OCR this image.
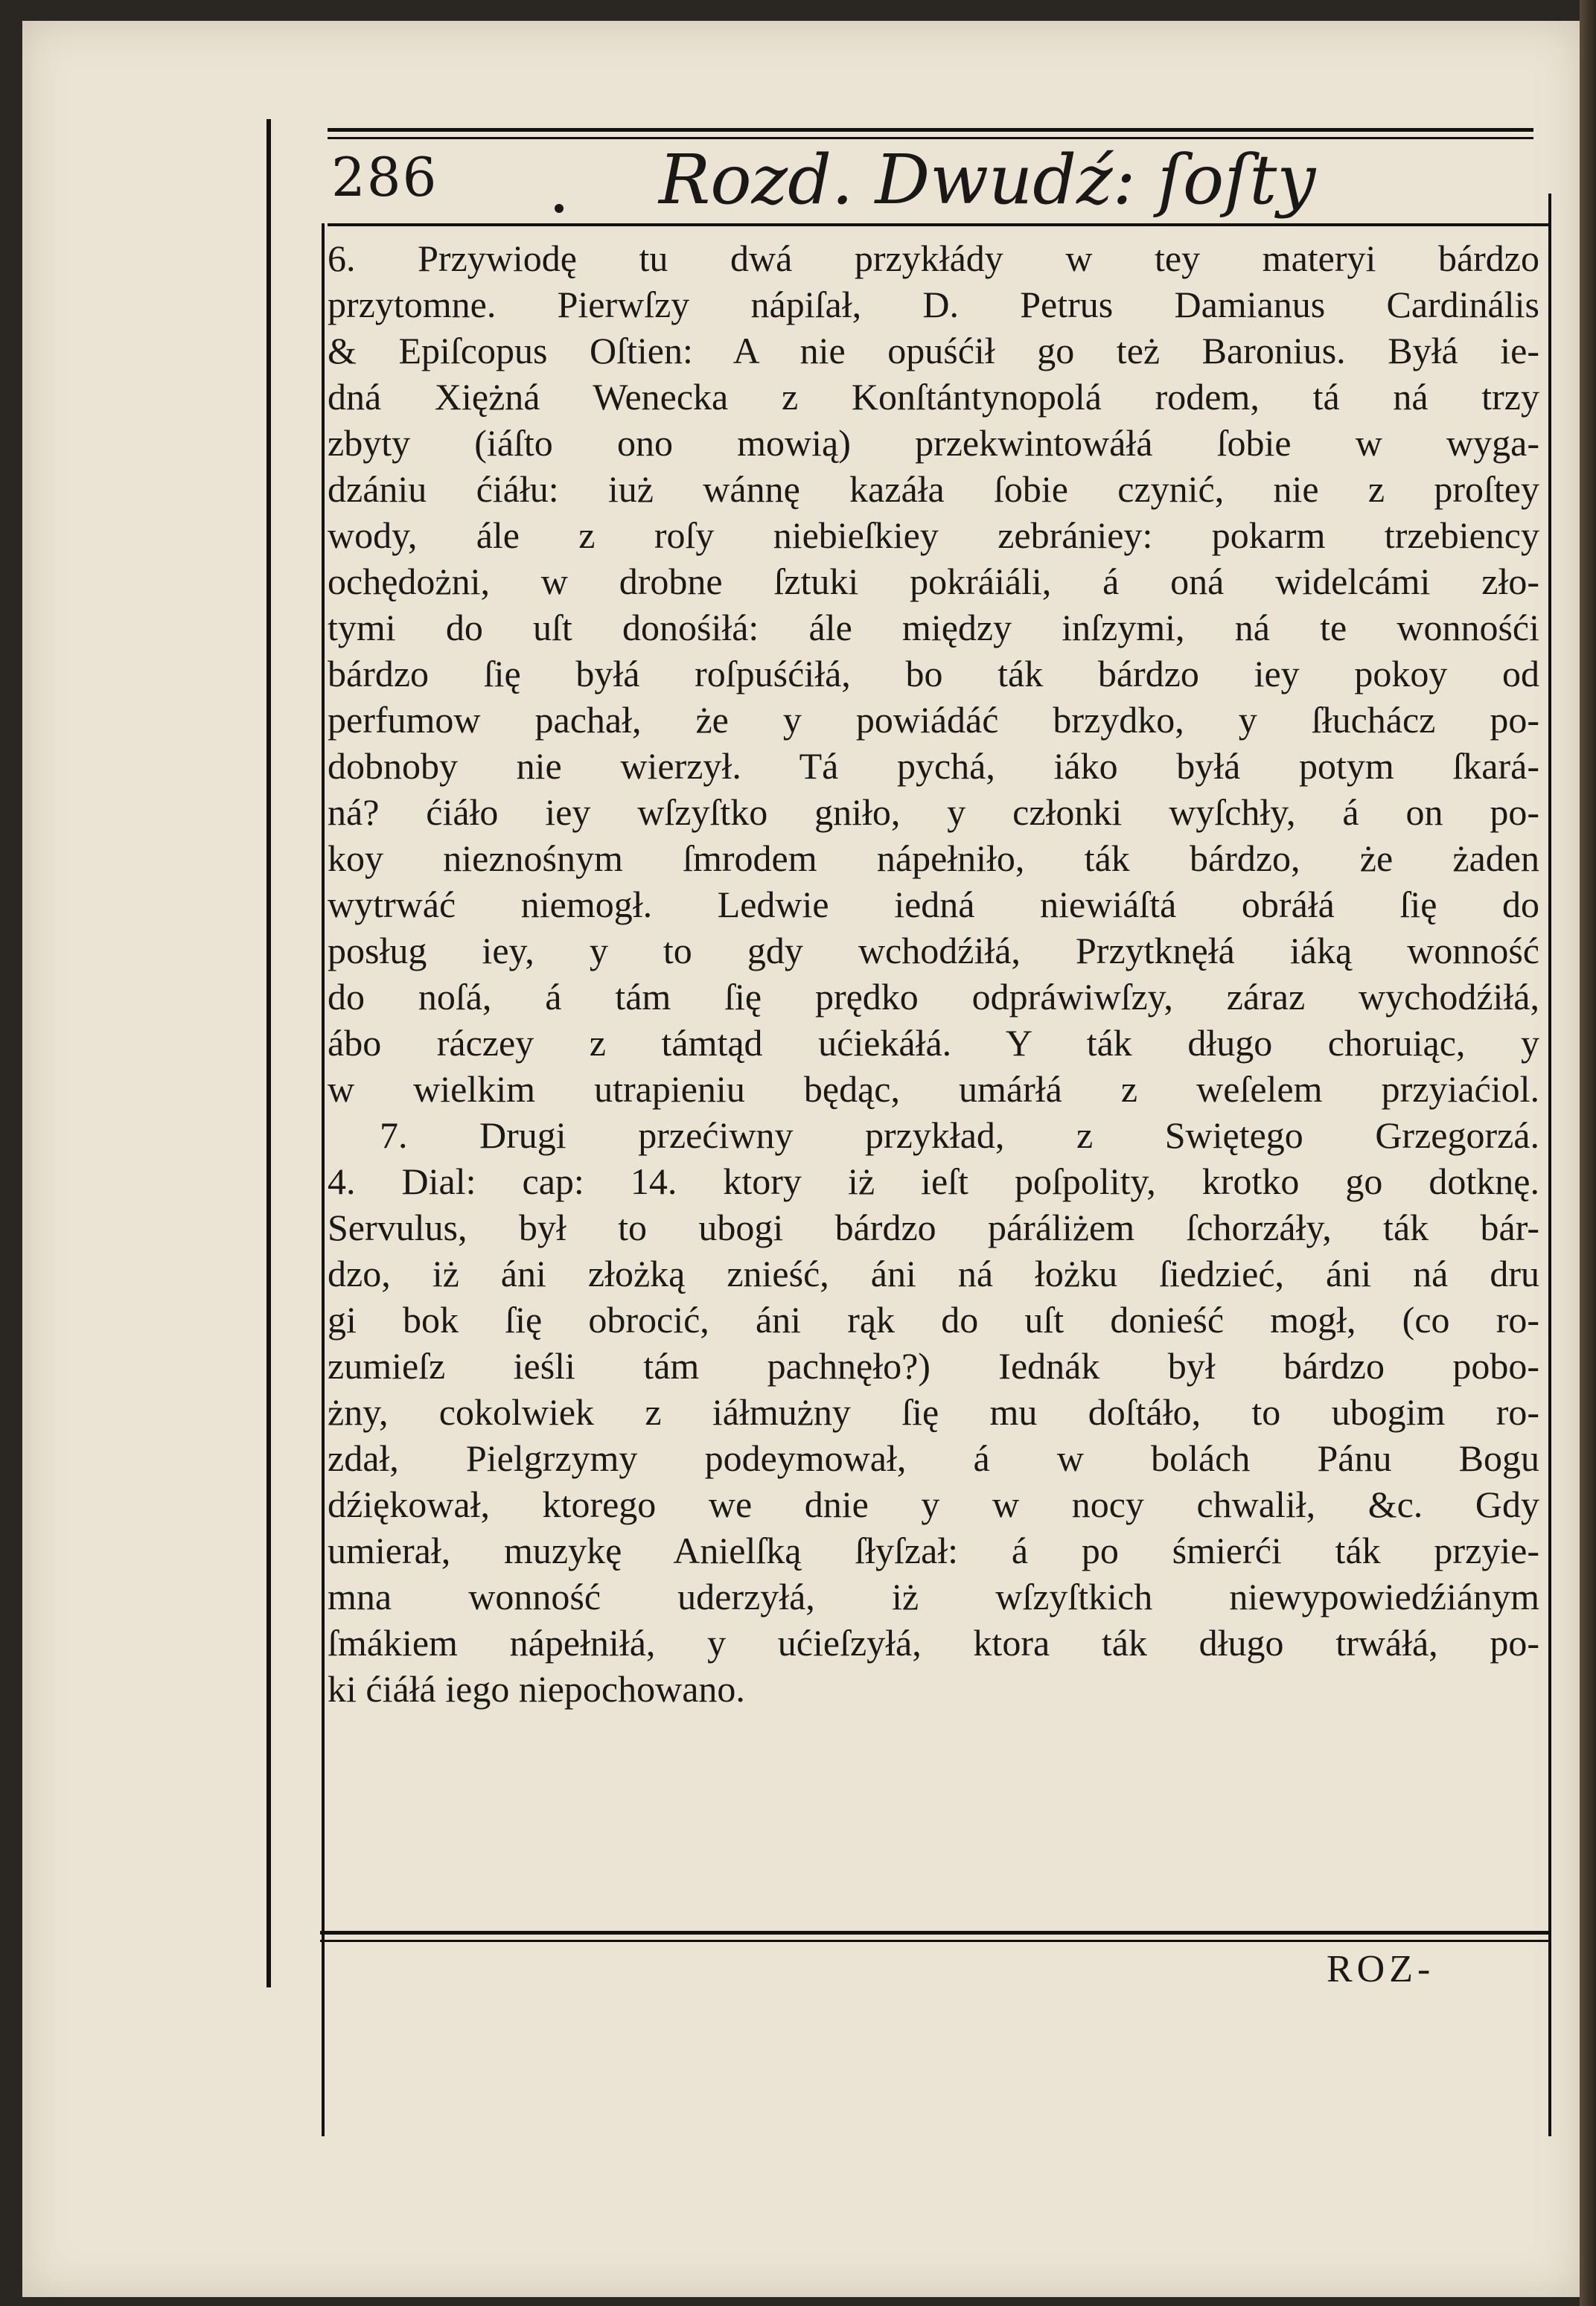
286	Rozd. Dwudź: ſoſty
6. Przywiodę tu dwá przykłády w tey materyi bárdzo
przytomne. Pierwſzy nápiſał, D. Petrus Damianus Cardinális
& Epiſcopus Oſtien: A nie opuśćił go też Baronius. Byłá ie-
dná Xiężná Wenecka z Konſtántynopolá rodem, tá ná trzy
zbyty (iáſto ono mowią) przekwintowáłá ſobie w wyga-
dzániu ćiáłu: iuż wánnę kazáła ſobie czynić, nie z proſtey
wody, ále z roſy niebieſkiey zebrániey: pokarm trzebiency
ochędożni, w drobne ſztuki pokráiáli, á oná widelcámi zło-
tymi do uſt donośiłá: ále między inſzymi, ná te wonnośći
bárdzo ſię byłá roſpuśćiłá, bo ták bárdzo iey pokoy od
perfumow pachał, że y powiádáć brzydko, y ſłuchácz po-
dobnoby nie wierzył. Tá pychá, iáko byłá potym ſkará-
ná? ćiáło iey wſzyſtko gniło, y członki wyſchły, á on po-
koy nieznośnym ſmrodem nápełniło, ták bárdzo, że żaden
wytrwáć niemogł. Ledwie iedná niewiáſtá obráłá ſię do
posług iey, y to gdy wchodźiłá, Przytknęłá iáką wonność
do noſá, á tám ſię prędko odpráwiwſzy, záraz wychodźiłá,
ábo ráczey z támtąd ućiekáłá. Y ták długo choruiąc, y
w wielkim utrapieniu będąc, umárłá z weſelem przyiaćiol.
7. Drugi przećiwny przykład, z Swiętego Grzegorzá.
4. Dial: cap: 14. ktory iż ieſt poſpolity, krotko go dotknę.
Servulus, był to ubogi bárdzo páráliżem ſchorzáły, ták bár-
dzo, iż áni złożką znieść, áni ná łożku ſiedzieć, áni ná dru
gi bok ſię obrocić, áni rąk do uſt donieść mogł, (co ro-
zumieſz ieśli tám pachnęło?) Iednák był bárdzo pobo-
żny, cokolwiek z iáłmużny ſię mu doſtáło, to ubogim ro-
zdał, Pielgrzymy podeymował, á w bolách Pánu Bogu
dźiękował, ktorego we dnie y w nocy chwalił, &c. Gdy
umierał, muzykę Anielſką ſłyſzał: á po śmierći ták przyie-
mna wonność uderzyłá, iż wſzyſtkich niewypowiedźiánym
ſmákiem nápełniłá, y ućieſzyłá, ktora ták długo trwáłá, po-
ki ćiáłá iego niepochowano.
ROZ-
